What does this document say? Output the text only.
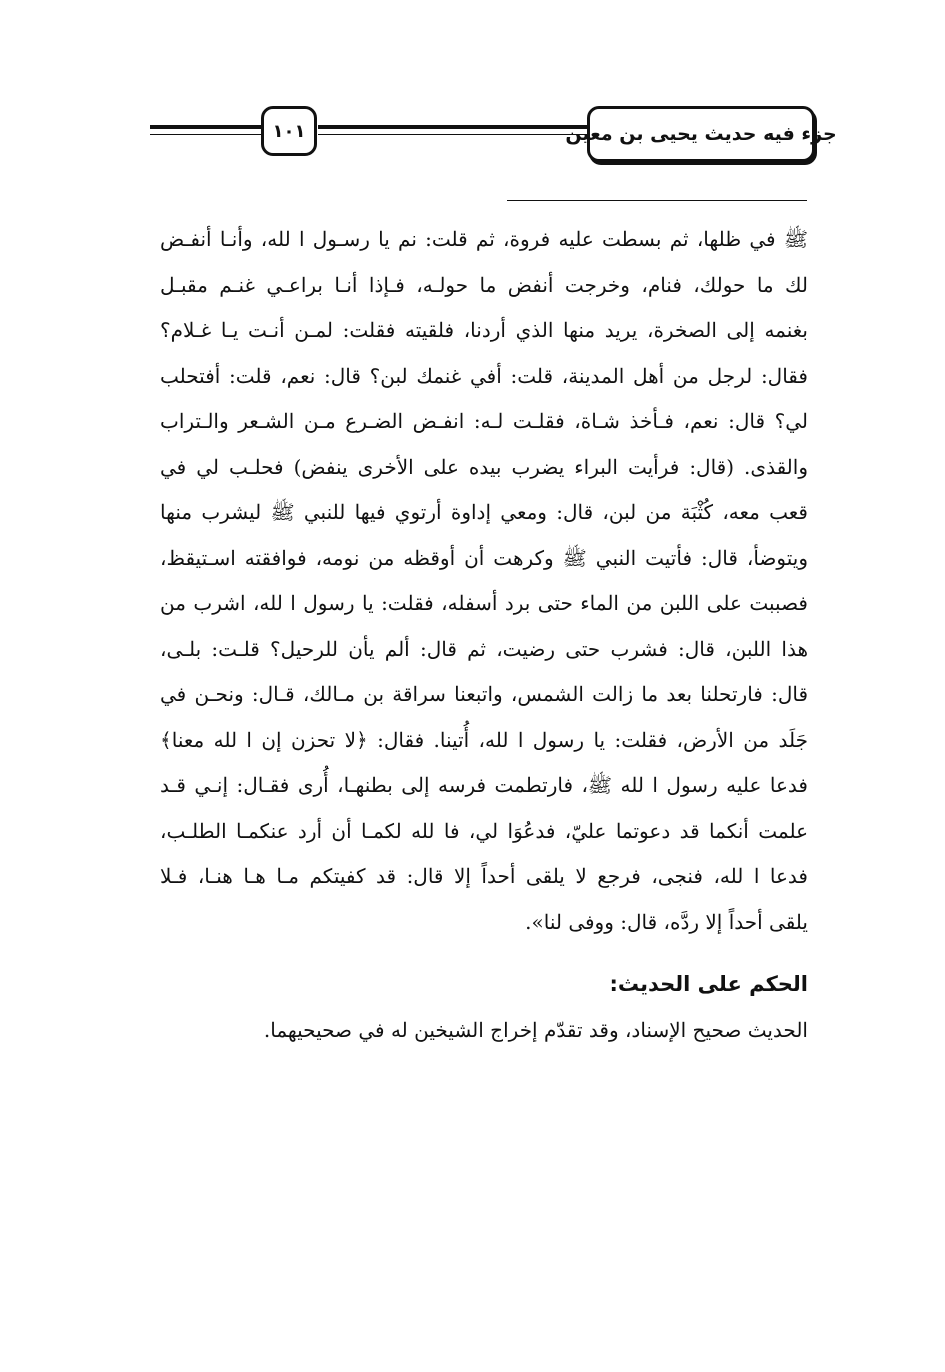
١٠١	جزء فيه حديث يحيى بن معين
ﷺ في ظلها، ثم بسطت عليه فروة، ثم قلت: نم يا رسـول ا لله، وأنـا أنفـض
لك ما حولك، فنام، وخرجت أنفض ما حولـه، فـإذا أنـا براعـي غنـم مقبـل
بغنمه إلى الصخرة، يريد منها الذي أردنا، فلقيته فقلت: لمـن أنـت يـا غـلام؟
فقال: لرجل من أهل المدينة، قلت: أفي غنمك لبن؟ قال: نعم، قلت: أفتحلب
لي؟ قال: نعم، فـأخذ شـاة، فقلـت لـه: انفـض الضـرع مـن الشـعر والـتراب
والقذى. (قال: فرأيت البراء يضرب بيده على الأخرى ينفض) فحلـب لي في
قعب معه، كُثْبَة من لبن، قال: ومعي إداوة أرتوي فيها للنبي ﷺ ليشرب منها
ويتوضأ، قال: فأتيت النبي ﷺ وكرهت أن أوقظه من نومه، فوافقته اسـتيقظ،
فصببت على اللبن من الماء حتى برد أسفله، فقلت: يا رسول ا لله، اشرب من
هذا اللبن، قال: فشرب حتى رضيت، ثم قال: ألم يأن للرحيل؟ قلـت: بلـى،
قال: فارتحلنا بعد ما زالت الشمس، واتبعنا سراقة بن مـالك، قـال: ونحـن في
جَلَد من الأرض، فقلت: يا رسول ا لله، أُتينا. فقال: ﴿لا تحزن إن ا لله معنا﴾
فدعا عليه رسول ا لله ﷺ، فارتطمت فرسه إلى بطنهـا، أُرى فقـال: إنـي قـد
علمت أنكما قد دعوتما عليّ، فدعُوَا لي، فا لله لكمـا أن أرد عنكمـا الطلـب،
فدعا ا لله، فنجى، فرجع لا يلقى أحداً إلا قال: قد كفيتكم مـا هـا هنـا، فـلا
يلقى أحداً إلا ردَّه، قال: ووفى لنا».
الحكم على الحديث:
الحديث صحيح الإسناد، وقد تقدّم إخراج الشيخين له في صحيحيهما.
